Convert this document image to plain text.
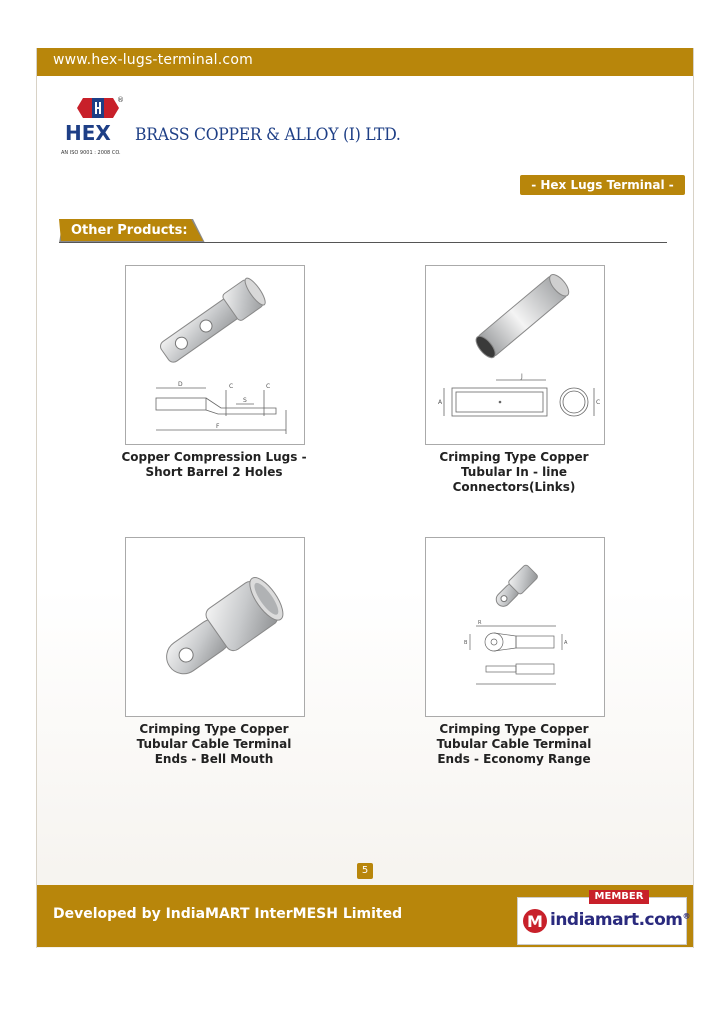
www.hex-lugs-terminal.com
HEX
AN ISO 9001 : 2008 CO.
®
BRASS COPPER & ALLOY (I) LTD.
- Hex Lugs Terminal -
Other Products:
D	C	C
S
F
Copper Compression Lugs - Short Barrel 2 Holes
J
A	C
Crimping Type Copper Tubular In - line Connectors(Links)
Crimping Type Copper Tubular Cable Terminal Ends - Bell Mouth
R
B	A
Crimping Type Copper Tubular Cable Terminal Ends - Economy Range
5
Developed by IndiaMART InterMESH Limited	M indiamart.com®
MEMBER
